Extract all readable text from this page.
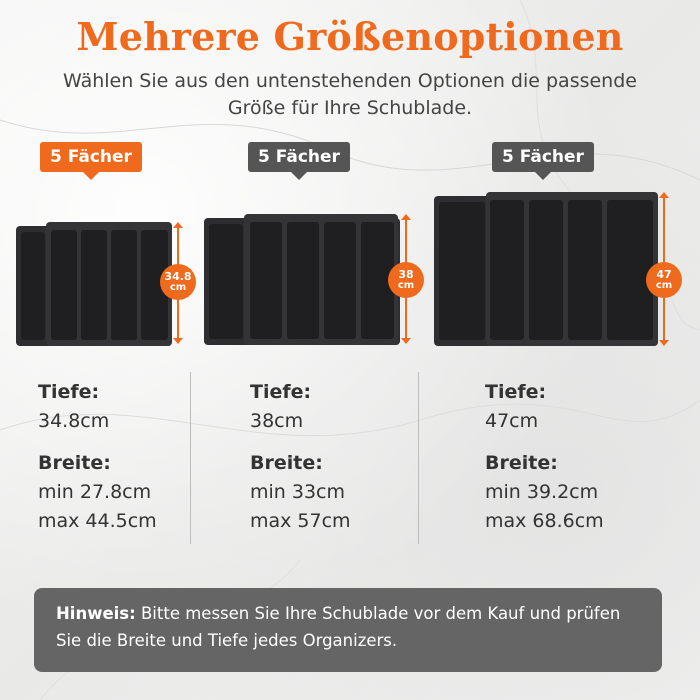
Mehrere Größenoptionen
Wählen Sie aus den untenstehenden Optionen die passende Größe für Ihre Schublade.
5 Fächer	5 Fächer	5 Fächer
34.8
cm
38
cm
47
cm
Tiefe:
34.8cm
Breite:
min 27.8cm
max 44.5cm
Tiefe:
38cm
Breite:
min 33cm
max 57cm
Tiefe:
47cm
Breite:
min 39.2cm
max 68.6cm
Hinweis: Bitte messen Sie Ihre Schublade vor dem Kauf und prüfen Sie die Breite und Tiefe jedes Organizers.
